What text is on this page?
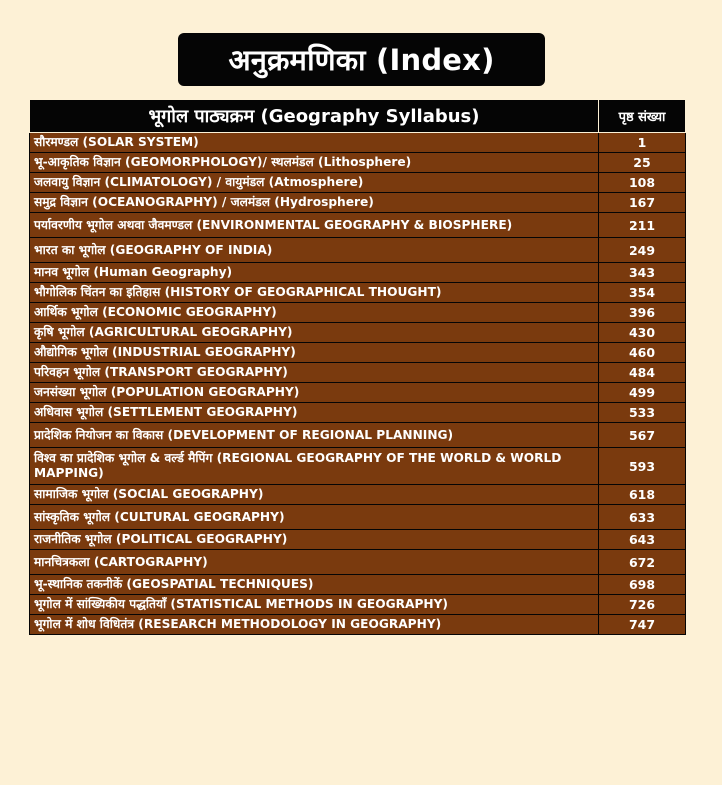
अनुक्रमणिका (Index)
भूगोल पाठ्यक्रम (Geography Syllabus)	पृष्ठ संख्या
सौरमण्डल (SOLAR SYSTEM)	1
भू-आकृतिक विज्ञान (GEOMORPHOLOGY)/ स्थलमंडल (Lithosphere)	25
जलवायु विज्ञान (CLIMATOLOGY) / वायुमंडल (Atmosphere)	108
समुद्र विज्ञान (OCEANOGRAPHY) / जलमंडल (Hydrosphere)	167
पर्यावरणीय भूगोल अथवा जैवमण्डल (ENVIRONMENTAL GEOGRAPHY & BIOSPHERE)	211
भारत का भूगोल (GEOGRAPHY OF INDIA)	249
मानव भूगोल (Human Geography)	343
भौगोलिक चिंतन का इतिहास (HISTORY OF GEOGRAPHICAL THOUGHT)	354
आर्थिक भूगोल (ECONOMIC GEOGRAPHY)	396
कृषि भूगोल (AGRICULTURAL GEOGRAPHY)	430
औद्योगिक भूगोल (INDUSTRIAL GEOGRAPHY)	460
परिवहन भूगोल (TRANSPORT GEOGRAPHY)	484
जनसंख्या भूगोल (POPULATION GEOGRAPHY)	499
अधिवास भूगोल (SETTLEMENT GEOGRAPHY)	533
प्रादेशिक नियोजन का विकास (DEVELOPMENT OF REGIONAL PLANNING)	567
विश्व का प्रादेशिक भूगोल & वर्ल्ड मैपिंग (REGIONAL GEOGRAPHY OF THE WORLD & WORLD MAPPING)	593
सामाजिक भूगोल (SOCIAL GEOGRAPHY)	618
सांस्कृतिक भूगोल (CULTURAL GEOGRAPHY)	633
राजनीतिक भूगोल (POLITICAL GEOGRAPHY)	643
मानचित्रकला (CARTOGRAPHY)	672
भू-स्थानिक तकनीकें (GEOSPATIAL TECHNIQUES)	698
भूगोल में सांख्यिकीय पद्धतियाँ (STATISTICAL METHODS IN GEOGRAPHY)	726
भूगोल में शोध विधितंत्र (RESEARCH METHODOLOGY IN GEOGRAPHY)	747
